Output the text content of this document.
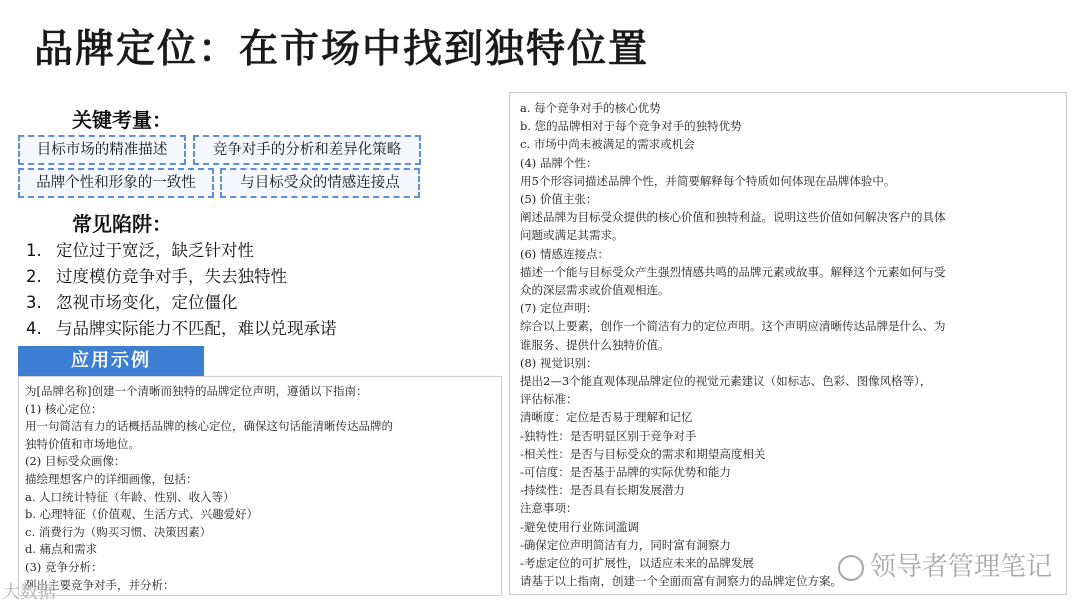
品牌定位：在市场中找到独特位置
关键考量：
目标市场的精准描述	竞争对手的分析和差异化策略
品牌个性和形象的一致性	与目标受众的情感连接点
常见陷阱：
1. 定位过于宽泛，缺乏针对性
2. 过度模仿竞争对手，失去独特性
3. 忽视市场变化，定位僵化
4. 与品牌实际能力不匹配，难以兑现承诺
应用示例
为[品牌名称]创建一个清晰而独特的品牌定位声明，遵循以下指南：
(1) 核心定位：
用一句简洁有力的话概括品牌的核心定位，确保这句话能清晰传达品牌的
独特价值和市场地位。
(2) 目标受众画像：
描绘理想客户的详细画像，包括：
a. 人口统计特征（年龄、性别、收入等）
b. 心理特征（价值观、生活方式、兴趣爱好）
c. 消费行为（购买习惯、决策因素）
d. 痛点和需求
(3) 竞争分析：
列出主要竞争对手，并分析：
a. 每个竞争对手的核心优势
b. 您的品牌相对于每个竞争对手的独特优势
c. 市场中尚未被满足的需求或机会
(4) 品牌个性：
用5个形容词描述品牌个性，并简要解释每个特质如何体现在品牌体验中。
(5) 价值主张：
阐述品牌为目标受众提供的核心价值和独特利益。说明这些价值如何解决客户的具体
问题或满足其需求。
(6) 情感连接点：
描述一个能与目标受众产生强烈情感共鸣的品牌元素或故事。解释这个元素如何与受
众的深层需求或价值观相连。
(7) 定位声明：
综合以上要素，创作一个简洁有力的定位声明。这个声明应清晰传达品牌是什么、为
谁服务、提供什么独特价值。
(8) 视觉识别：
提出2—3个能直观体现品牌定位的视觉元素建议（如标志、色彩、图像风格等），
评估标准：
清晰度：定位是否易于理解和记忆
-独特性：是否明显区别于竞争对手
-相关性：是否与目标受众的需求和期望高度相关
-可信度：是否基于品牌的实际优势和能力
-持续性：是否具有长期发展潜力
注意事项：
-避免使用行业陈词滥调
-确保定位声明简洁有力，同时富有洞察力
-考虑定位的可扩展性，以适应未来的品牌发展
请基于以上指南，创建一个全面而富有洞察力的品牌定位方案。	领导者管理笔记
大数据
